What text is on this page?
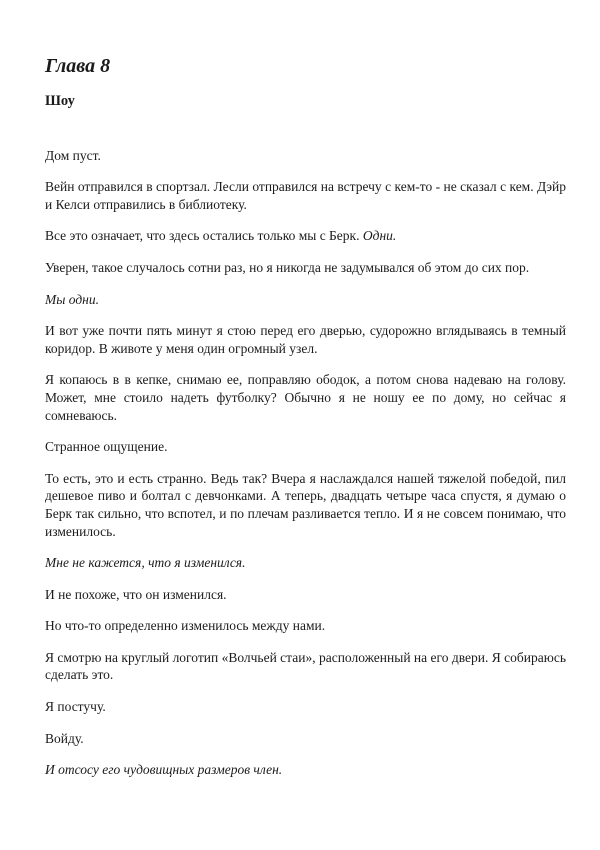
Глава 8
Шоу

Дом пуст.

Вейн отправился в спортзал. Лесли отправился на встречу с кем-то - не сказал с кем. Дэйр и Келси отправились в библиотеку.

Все это означает, что здесь остались только мы с Берк. Одни.

Уверен, такое случалось сотни раз, но я никогда не задумывался об этом до сих пор.

Мы одни.

И вот уже почти пять минут я стою перед его дверью, судорожно вглядываясь в темный коридор. В животе у меня один огромный узел.

Я копаюсь в в кепке, снимаю ее, поправляю ободок, а потом снова надеваю на голову. Может, мне стоило надеть футболку? Обычно я не ношу ее по дому, но сейчас я сомневаюсь.

Странное ощущение.

То есть, это и есть странно. Ведь так? Вчера я наслаждался нашей тяжелой победой, пил дешевое пиво и болтал с девчонками. А теперь, двадцать четыре часа спустя, я думаю о Берк так сильно, что вспотел, и по плечам разливается тепло. И я не совсем понимаю, что изменилось.

Мне не кажется, что я изменился.

И не похоже, что он изменился.

Но что-то определенно изменилось между нами.

Я смотрю на круглый логотип «Волчьей стаи», расположенный на его двери. Я собираюсь сделать это.

Я постучу.

Войду.

И отсосу его чудовищных размеров член.
